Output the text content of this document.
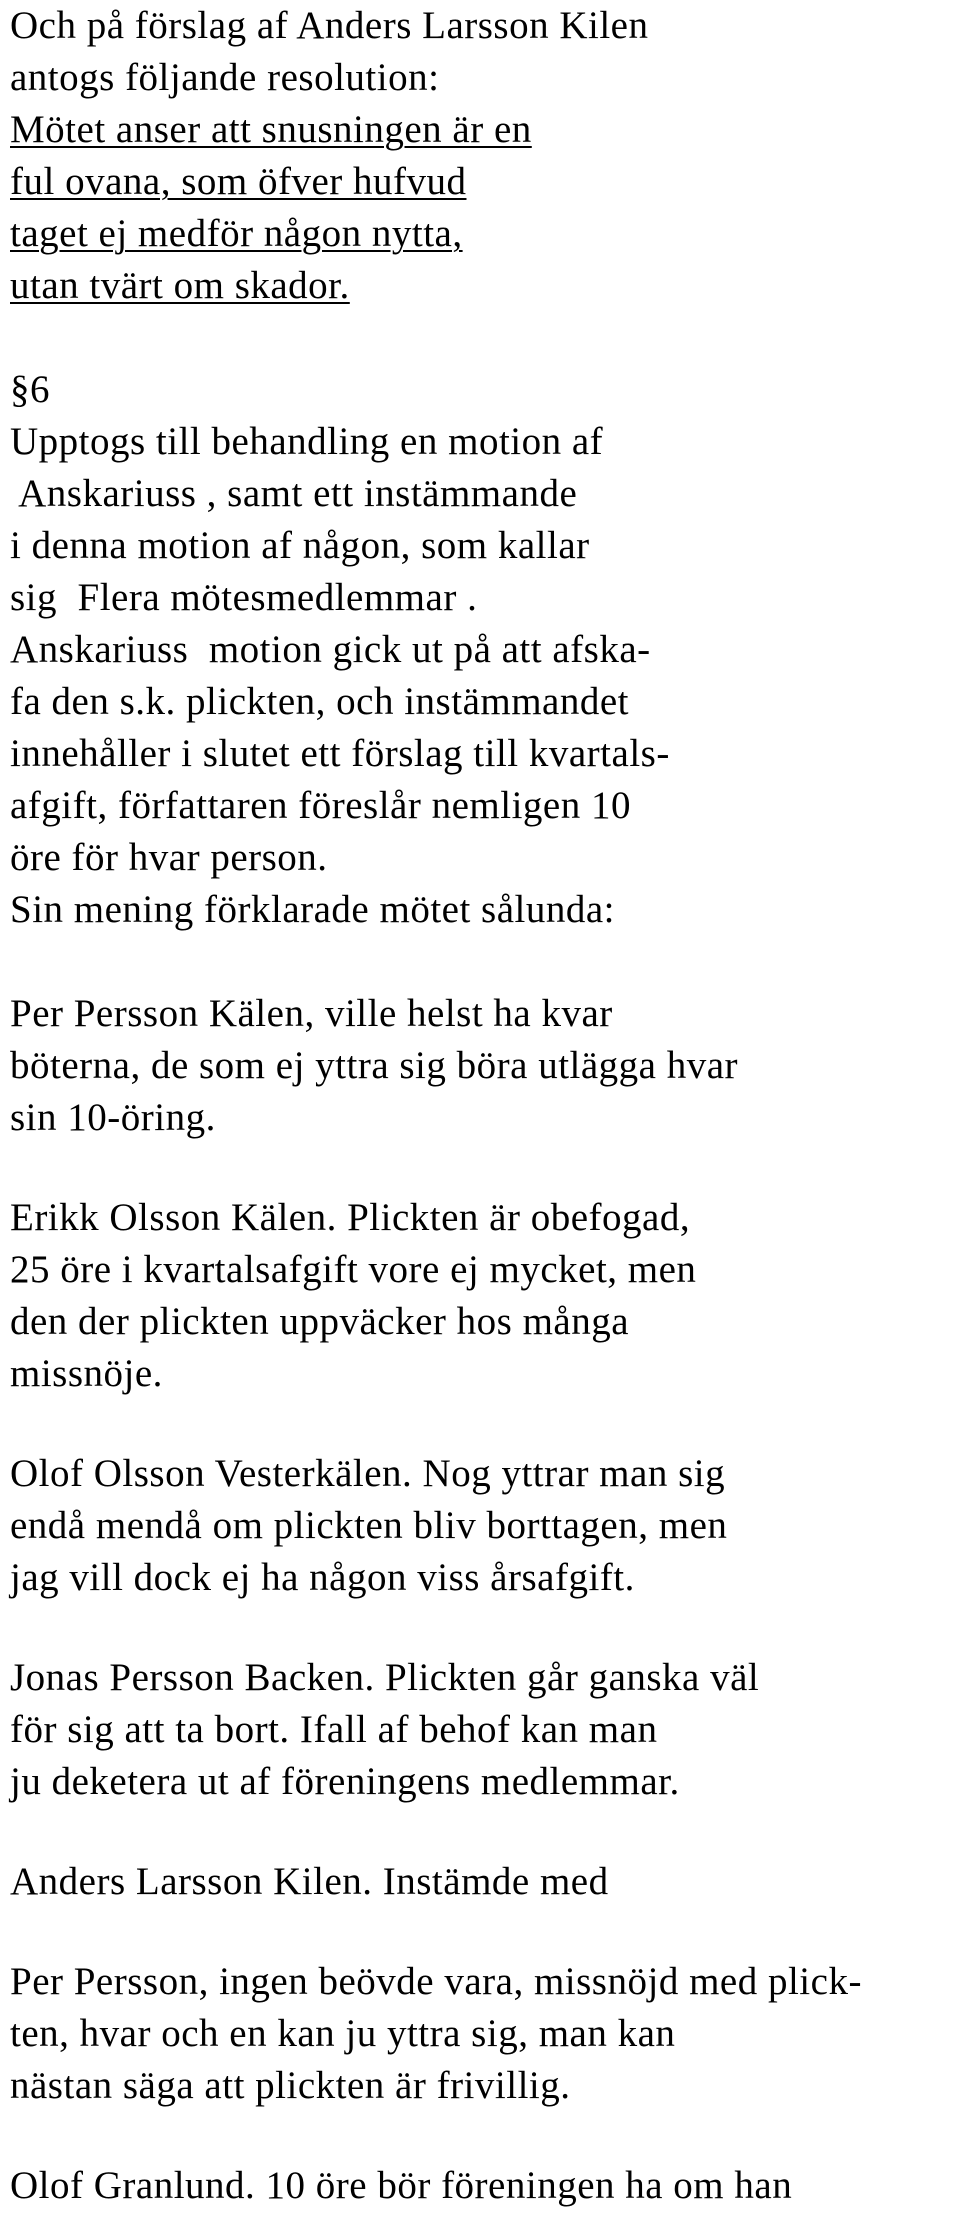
Och på förslag af Anders Larsson Kilen
antogs följande resolution:
Mötet anser att snusningen är en
ful ovana, som öfver hufvud
taget ej medför någon nytta,
utan tvärt om skador.
§6
Upptogs till behandling en motion af
Anskariuss , samt ett instämmande
i denna motion af någon, som kallar
sig  Flera mötesmedlemmar .
Anskariuss  motion gick ut på att afska-
fa den s.k. plickten, och instämmandet
innehåller i slutet ett förslag till kvartals-
afgift, författaren föreslår nemligen 10
öre för hvar person.
Sin mening förklarade mötet sålunda:
Per Persson Kälen, ville helst ha kvar
böterna, de som ej yttra sig böra utlägga hvar
sin 10-öring.
Erikk Olsson Kälen. Plickten är obefogad,
25 öre i kvartalsafgift vore ej mycket, men
den der plickten uppväcker hos många
missnöje.
Olof Olsson Vesterkälen. Nog yttrar man sig
endå mendå om plickten bliv borttagen, men
jag vill dock ej ha någon viss årsafgift.
Jonas Persson Backen. Plickten går ganska väl
för sig att ta bort. Ifall af behof kan man
ju deketera ut af föreningens medlemmar.
Anders Larsson Kilen. Instämde med
Per Persson, ingen beövde vara, missnöjd med plick-
ten, hvar och en kan ju yttra sig, man kan
nästan säga att plickten är frivillig.
Olof Granlund. 10 öre bör föreningen ha om han
